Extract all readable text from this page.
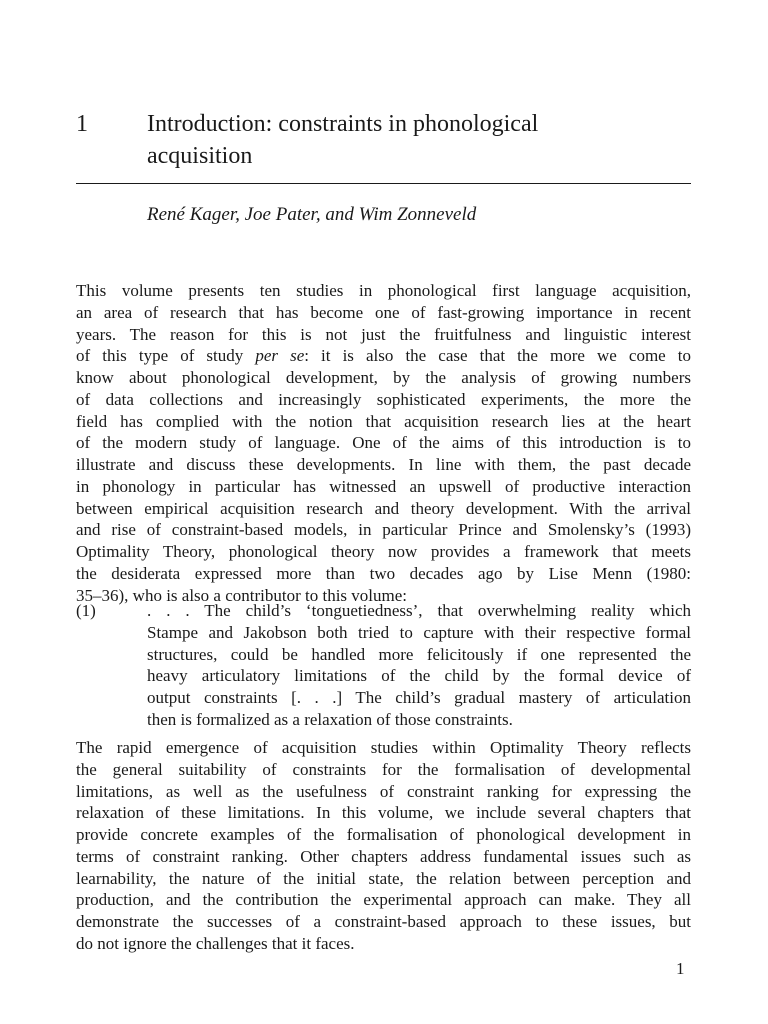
1 Introduction: constraints in phonological
acquisition
René Kager, Joe Pater, and Wim Zonneveld
This volume presents ten studies in phonological first language acquisition,
an area of research that has become one of fast-growing importance in recent
years. The reason for this is not just the fruitfulness and linguistic interest
of this type of study per se: it is also the case that the more we come to
know about phonological development, by the analysis of growing numbers
of data collections and increasingly sophisticated experiments, the more the
field has complied with the notion that acquisition research lies at the heart
of the modern study of language. One of the aims of this introduction is to
illustrate and discuss these developments. In line with them, the past decade
in phonology in particular has witnessed an upswell of productive interaction
between empirical acquisition research and theory development. With the arrival
and rise of constraint-based models, in particular Prince and Smolensky’s (1993)
Optimality Theory, phonological theory now provides a framework that meets
the desiderata expressed more than two decades ago by Lise Menn (1980:
35–36), who is also a contributor to this volume:
(1)	. . . The child’s ‘tonguetiedness’, that overwhelming reality which
Stampe and Jakobson both tried to capture with their respective formal
structures, could be handled more felicitously if one represented the
heavy articulatory limitations of the child by the formal device of
output constraints [. . .] The child’s gradual mastery of articulation
then is formalized as a relaxation of those constraints.
The rapid emergence of acquisition studies within Optimality Theory reflects
the general suitability of constraints for the formalisation of developmental
limitations, as well as the usefulness of constraint ranking for expressing the
relaxation of these limitations. In this volume, we include several chapters that
provide concrete examples of the formalisation of phonological development in
terms of constraint ranking. Other chapters address fundamental issues such as
learnability, the nature of the initial state, the relation between perception and
production, and the contribution the experimental approach can make. They all
demonstrate the successes of a constraint-based approach to these issues, but
do not ignore the challenges that it faces.
1
